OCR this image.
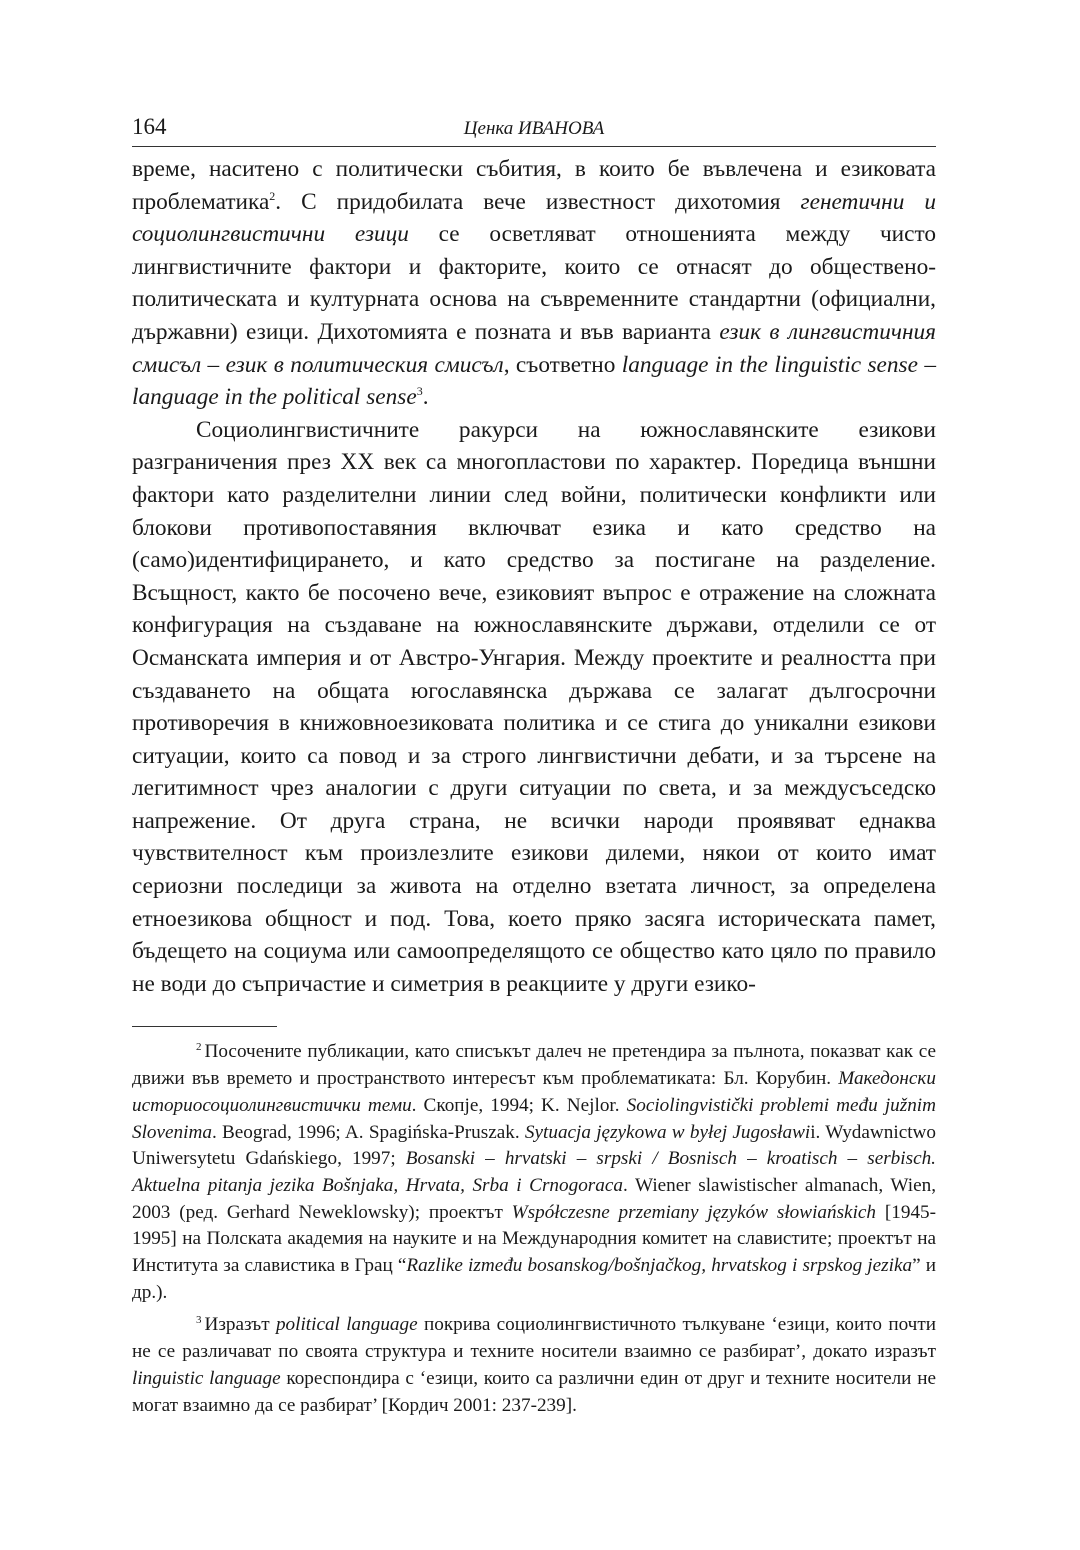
164	Ценка ИВАНОВА

време, наситено с политически събития, в които бе въвлечена и езиковата проблематика$^2$. С придобилата вече известност дихотомия генетични и социолингвистични езици се осветляват отношенията между чисто лингвистичните фактори и факторите, които се отнасят до обществено-политическата и културната основа на съвременните стандартни (официални, държавни) езици. Дихотомията е позната и във варианта език в лингвистичния смисъл – език в политическия смисъл, съответно language in the linguistic sense – language in the political sense$^3$.

Социолингвистичните ракурси на южнославянските езикови разграничения през ХХ век са многопластови по характер. Поредица външни фактори като разделителни линии след войни, политически конфликти или блокови противопоставяния включват езика и като средство на (само)идентифицирането, и като средство за постигане на разделение. Всъщност, както бе посочено вече, езиковият въпрос е отражение на сложната конфигурация на създаване на южнославянските държави, отделили се от Османската империя и от Австро-Унгария. Между проектите и реалността при създаването на общата югославянска държава се залагат дългосрочни противоречия в книжовноезиковата политика и се стига до уникални езикови ситуации, които са повод и за строго лингвистични дебати, и за търсене на легитимност чрез аналогии с други ситуации по света, и за междусъседско напрежение. От друга страна, не всички народи проявяват еднаква чувствителност към произлезлите езикови дилеми, някои от които имат сериозни последици за живота на отделно взетата личност, за определена етноезикова общност и под. Това, което пряко засяга историческата памет, бъдещето на социума или самоопределящото се общество като цяло по правило не води до съпричастие и симетрия в реакциите у други езико-

$^2$ Посочените публикации, като списъкът далеч не претендира за пълнота, показват как се движи във времето и пространството интересът към проблематиката: Бл. Корубин. Македонски историосоциолингвистички теми. Скопје, 1994; K. Nejlor. Sociolingvistički problemi među južnim Slovenima. Beograd, 1996; A. Spagińska-Pruszak. Sytuacja językowa w byłej Jugosławii. Wydawnictwo Uniwersytetu Gdańskiego, 1997; Bosanski – hrvatski – srpski / Bosnisch – kroatisch – serbisch. Aktuelna pitanja jezika Bošnjaka, Hrvata, Srba i Crnogoraca. Wiener slawistischer almanach, Wien, 2003 (ред. Gerhard Neweklowsky); проектът Współczesne przemiany języków słowiańskich [1945-1995] на Полската академия на науките и на Международния комитет на славистите; проектът на Института за славистика в Грац “Razlike između bosanskog/bošnjačkog, hrvatskog i srpskog jezika” и др.).

$^3$ Изразът political language покрива социолингвистичното тълкуване ‘езици, които почти не се различават по своята структура и техните носители взаимно се разбират’, докато изразът linguistic language кореспондира с ‘езици, които са различни един от друг и техните носители не могат взаимно да се разбират’ [Кордич 2001: 237-239].
